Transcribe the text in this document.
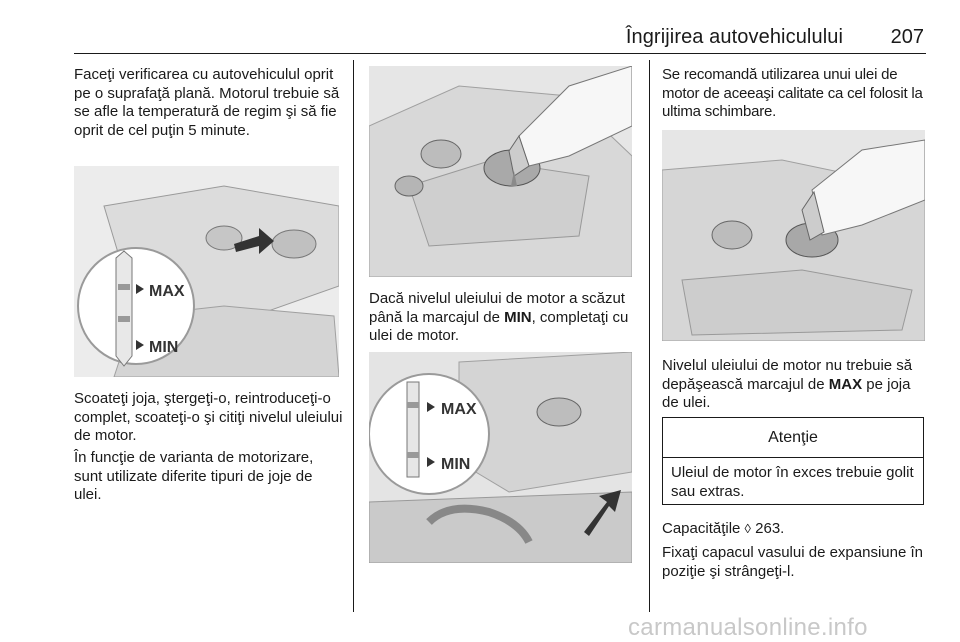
Îngrijirea autovehiculului	207

Faceţi verificarea cu autovehiculul oprit pe o suprafaţă plană. Motorul trebuie să se afle la temperatură de regim şi să fie oprit de cel puţin 5 minute.

MAX
MIN

Scoateţi joja, ştergeţi-o, reintroduceţi-o complet, scoateţi-o şi citiţi nivelul uleiului de motor.

În funcţie de varianta de motorizare, sunt utilizate diferite tipuri de joje de ulei.

Dacă nivelul uleiului de motor a scăzut până la marcajul de MIN, completaţi cu ulei de motor.

MAX
MIN

Se recomandă utilizarea unui ulei de motor de aceeaşi calitate ca cel folosit la ultima schimbare.

Nivelul uleiului de motor nu trebuie să depăşească marcajul de MAX pe joja de ulei.

Atenţie
Uleiul de motor în exces trebuie golit sau extras.

Capacităţile ◊ 263.

Fixaţi capacul vasului de expansiune în poziţie şi strângeţi-l.

carmanualsonline.info
